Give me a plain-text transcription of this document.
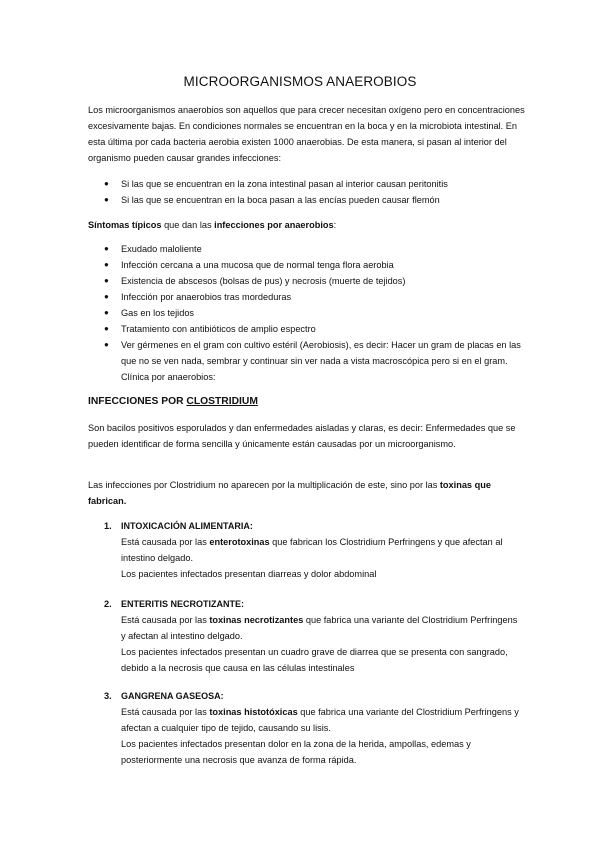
MICROORGANISMOS ANAEROBIOS
Los microorganismos anaerobios son aquellos que para crecer necesitan oxígeno pero en concentraciones excesivamente bajas. En condiciones normales se encuentran en la boca y en la microbiota intestinal. En esta última por cada bacteria aerobia existen 1000 anaerobias. De esta manera, si pasan al interior del organismo pueden causar grandes infecciones:
● Si las que se encuentran en la zona intestinal pasan al interior causan peritonitis
● Si las que se encuentran en la boca pasan a las encías pueden causar flemón
Síntomas típicos que dan las infecciones por anaerobios:
● Exudado maloliente
● Infección cercana a una mucosa que de normal tenga flora aerobia
● Existencia de abscesos (bolsas de pus) y necrosis (muerte de tejidos)
● Infección por anaerobios tras mordeduras
● Gas en los tejidos
● Tratamiento con antibióticos de amplio espectro
● Ver gérmenes en el gram con cultivo estéril (Aerobiosis), es decir: Hacer un gram de placas en las que no se ven nada, sembrar y continuar sin ver nada a vista macroscópica pero si en el gram. Clínica por anaerobios:
INFECCIONES POR CLOSTRIDIUM
Son bacilos positivos esporulados y dan enfermedades aisladas y claras, es decir: Enfermedades que se pueden identificar de forma sencilla y únicamente están causadas por un microorganismo.
Las infecciones por Clostridium no aparecen por la multiplicación de este, sino por las toxinas que fabrican.
1. INTOXICACIÓN ALIMENTARIA:
Está causada por las enterotoxinas que fabrican los Clostridium Perfringens y que afectan al intestino delgado.
Los pacientes infectados presentan diarreas y dolor abdominal
2. ENTERITIS NECROTIZANTE:
Está causada por las toxinas necrotizantes que fabrica una variante del Clostridium Perfringens y afectan al intestino delgado.
Los pacientes infectados presentan un cuadro grave de diarrea que se presenta con sangrado, debido a la necrosis que causa en las células intestinales
3. GANGRENA GASEOSA:
Está causada por las toxinas histotóxicas que fabrica una variante del Clostridium Perfringens y afectan a cualquier tipo de tejido, causando su lisis.
Los pacientes infectados presentan dolor en la zona de la herida, ampollas, edemas y posteriormente una necrosis que avanza de forma rápida.
